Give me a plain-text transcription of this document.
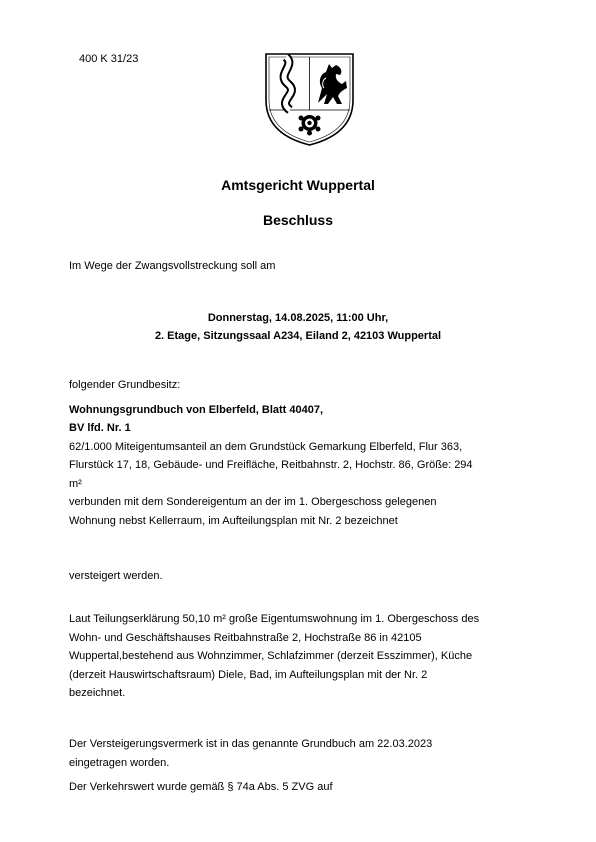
400 K 31/23
Amtsgericht Wuppertal
Beschluss
Im Wege der Zwangsvollstreckung soll am
Donnerstag, 14.08.2025, 11:00 Uhr,
2. Etage, Sitzungssaal A234, Eiland 2, 42103 Wuppertal
folgender Grundbesitz:
Wohnungsgrundbuch von Elberfeld, Blatt 40407,
BV lfd. Nr. 1
62/1.000 Miteigentumsanteil an dem Grundstück Gemarkung Elberfeld, Flur 363,
Flurstück 17, 18, Gebäude- und Freifläche, Reitbahnstr. 2, Hochstr. 86, Größe: 294
m²
verbunden mit dem Sondereigentum an der im 1. Obergeschoss gelegenen
Wohnung nebst Kellerraum, im Aufteilungsplan mit Nr. 2 bezeichnet
versteigert werden.
Laut Teilungserklärung 50,10 m² große Eigentumswohnung im 1. Obergeschoss des
Wohn- und Geschäftshauses Reitbahnstraße 2, Hochstraße 86 in 42105
Wuppertal,bestehend aus Wohnzimmer, Schlafzimmer (derzeit Esszimmer), Küche
(derzeit Hauswirtschaftsraum) Diele, Bad, im Aufteilungsplan mit der Nr. 2
bezeichnet.
Der Versteigerungsvermerk ist in das genannte Grundbuch am 22.03.2023
eingetragen worden.
Der Verkehrswert wurde gemäß § 74a Abs. 5 ZVG auf
